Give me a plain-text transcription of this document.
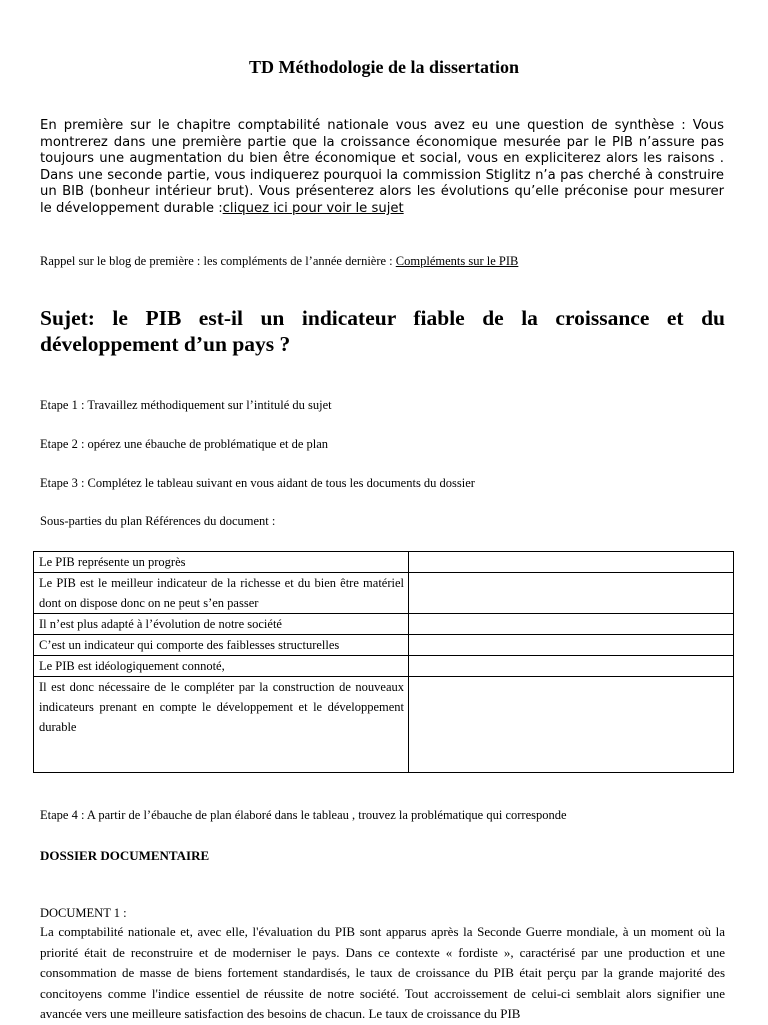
TD Méthodologie de la dissertation
En première sur le chapitre comptabilité nationale vous avez eu une question de synthèse : Vous montrerez dans une première partie que la croissance économique mesurée par le PIB n’assure pas toujours une augmentation du bien être économique et social, vous en expliciterez alors les raisons . Dans une seconde partie, vous indiquerez pourquoi la commission Stiglitz n’a pas cherché à construire un BIB (bonheur intérieur brut). Vous présenterez alors les évolutions qu’elle préconise pour mesurer le développement durable :cliquez ici pour voir le sujet
Rappel sur le blog de première : les compléments de l’année dernière : Compléments sur le PIB
Sujet: le PIB est-il un indicateur fiable de la croissance et du développement d’un pays ?
Etape 1 : Travaillez méthodiquement sur l’intitulé du sujet
Etape 2 : opérez une ébauche de problématique et de plan
Etape 3 : Complétez le tableau suivant en vous aidant de tous les documents du dossier
Sous-parties du plan Références du document :
Le PIB représente un progrès	
Le PIB est le meilleur indicateur de la richesse et du bien être matériel dont on dispose donc on ne peut s’en passer	
Il n’est plus adapté à l’évolution de notre société	
C’est un indicateur qui comporte des faiblesses structurelles	
Le PIB est idéologiquement connoté,	
Il est donc nécessaire de le compléter par la construction de nouveaux indicateurs prenant en compte le développement et le développement durable	
Etape 4 : A partir de l’ébauche de plan élaboré dans le tableau , trouvez la problématique qui corresponde
DOSSIER DOCUMENTAIRE
DOCUMENT 1 :
La comptabilité nationale et, avec elle, l'évaluation du PIB sont apparus après la Seconde Guerre mondiale, à un moment où la priorité était de reconstruire et de moderniser le pays. Dans ce contexte « fordiste », caractérisé par une production et une consommation de masse de biens fortement standardisés, le taux de croissance du PIB était perçu par la grande majorité des concitoyens comme l'indice essentiel de réussite de notre société. Tout accroissement de celui-ci semblait alors signifier une avancée vers une meilleure satisfaction des besoins de chacun. Le taux de croissance du PIB
